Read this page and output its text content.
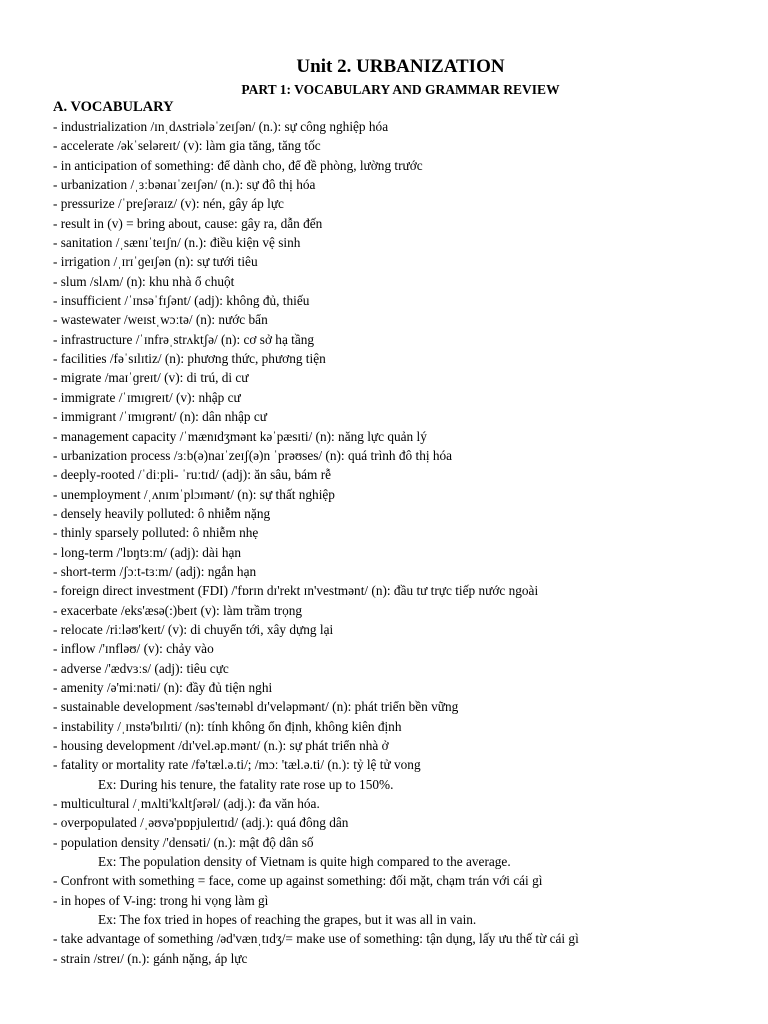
Unit 2. URBANIZATION
PART 1: VOCABULARY AND GRAMMAR REVIEW
A. VOCABULARY
- industrialization /ɪnˌdʌstriələˈzeɪʃən/ (n.): sự công nghiệp hóa
- accelerate /əkˈseləreɪt/ (v): làm gia tăng, tăng tốc
- in anticipation of something: để dành cho, để đề phòng, lường trước
- urbanization /ˌɜːbənaɪˈzeɪʃən/ (n.): sự đô thị hóa
- pressurize /ˈpreʃəraɪz/ (v): nén, gây áp lực
- result in (v) = bring about, cause: gây ra, dẫn đến
- sanitation /ˌsænɪˈteɪʃn/ (n.): điều kiện vệ sinh
- irrigation /ˌɪrɪˈɡeɪʃən (n): sự tưới tiêu
- slum /slʌm/ (n): khu nhà ổ chuột
- insufficient /ˈɪnsəˈfɪʃənt/ (adj): không đủ, thiếu
- wastewater /weɪstˌwɔːtə/ (n): nước bẩn
- infrastructure /ˈɪnfrəˌstrʌktʃə/ (n): cơ sở hạ tầng
- facilities /fəˈsɪlɪtiz/ (n): phương thức, phương tiện
- migrate /maɪˈɡreɪt/ (v): di trú, di cư
- immigrate /ˈɪmɪɡreɪt/ (v): nhập cư
- immigrant /ˈɪmɪɡrənt/ (n): dân nhập cư
- management capacity /ˈmænɪdʒmənt kəˈpæsɪti/ (n): năng lực quản lý
- urbanization process /ɜːb(ə)naɪˈzeɪʃ(ə)n ˈprəʊses/ (n): quá trình đô thị hóa
- deeply-rooted /ˈdiːpli- ˈruːtɪd/ (adj): ăn sâu, bám rễ
- unemployment /ˌʌnɪmˈplɔɪmənt/ (n): sự thất nghiệp
- densely heavily polluted: ô nhiễm nặng
- thinly sparsely polluted: ô nhiễm nhẹ
- long-term /'lɒŋtɜːm/ (adj): dài hạn
- short-term /ʃɔːt-tɜːm/ (adj): ngắn hạn
- foreign direct investment (FDI) /'fɒrɪn dɪ'rekt ɪn'vestmənt/ (n): đầu tư trực tiếp nước ngoài
- exacerbate /eks'æsə(:)beɪt (v): làm trầm trọng
- relocate /riːləʊ'keɪt/ (v): di chuyển tới, xây dựng lại
- inflow /'ɪnfləʊ/ (v): chảy vào
- adverse /'ædvɜːs/ (adj): tiêu cực
- amenity /ə'miːnəti/ (n): đầy đủ tiện nghi
- sustainable development /səs'teɪnəbl dɪ'veləpmənt/ (n): phát triển bền vững
- instability /ˌɪnstə'bɪlɪti/ (n): tính không ổn định, không kiên định
- housing development /dɪ'vel.əp.mənt/ (n.): sự phát triển nhà ở
- fatality or mortality rate /fə'tæl.ə.ti/; /mɔː 'tæl.ə.ti/ (n.): tỷ lệ tử vong
Ex: During his tenure, the fatality rate rose up to 150%.
- multicultural /ˌmʌlti'kʌltʃərəl/ (adj.): đa văn hóa.
- overpopulated /ˌəʊvə'pɒpjuleɪtɪd/ (adj.): quá đông dân
- population density /'densəti/ (n.): mật độ dân số
Ex: The population density of Vietnam is quite high compared to the average.
- Confront with something = face, come up against something: đối mặt, chạm trán với cái gì
- in hopes of V-ing: trong hi vọng làm gì
Ex: The fox tried in hopes of reaching the grapes, but it was all in vain.
- take advantage of something /əd'vænˌtɪdʒ/= make use of something: tận dụng, lấy ưu thế từ cái gì
- strain /streɪ/ (n.): gánh nặng, áp lực
